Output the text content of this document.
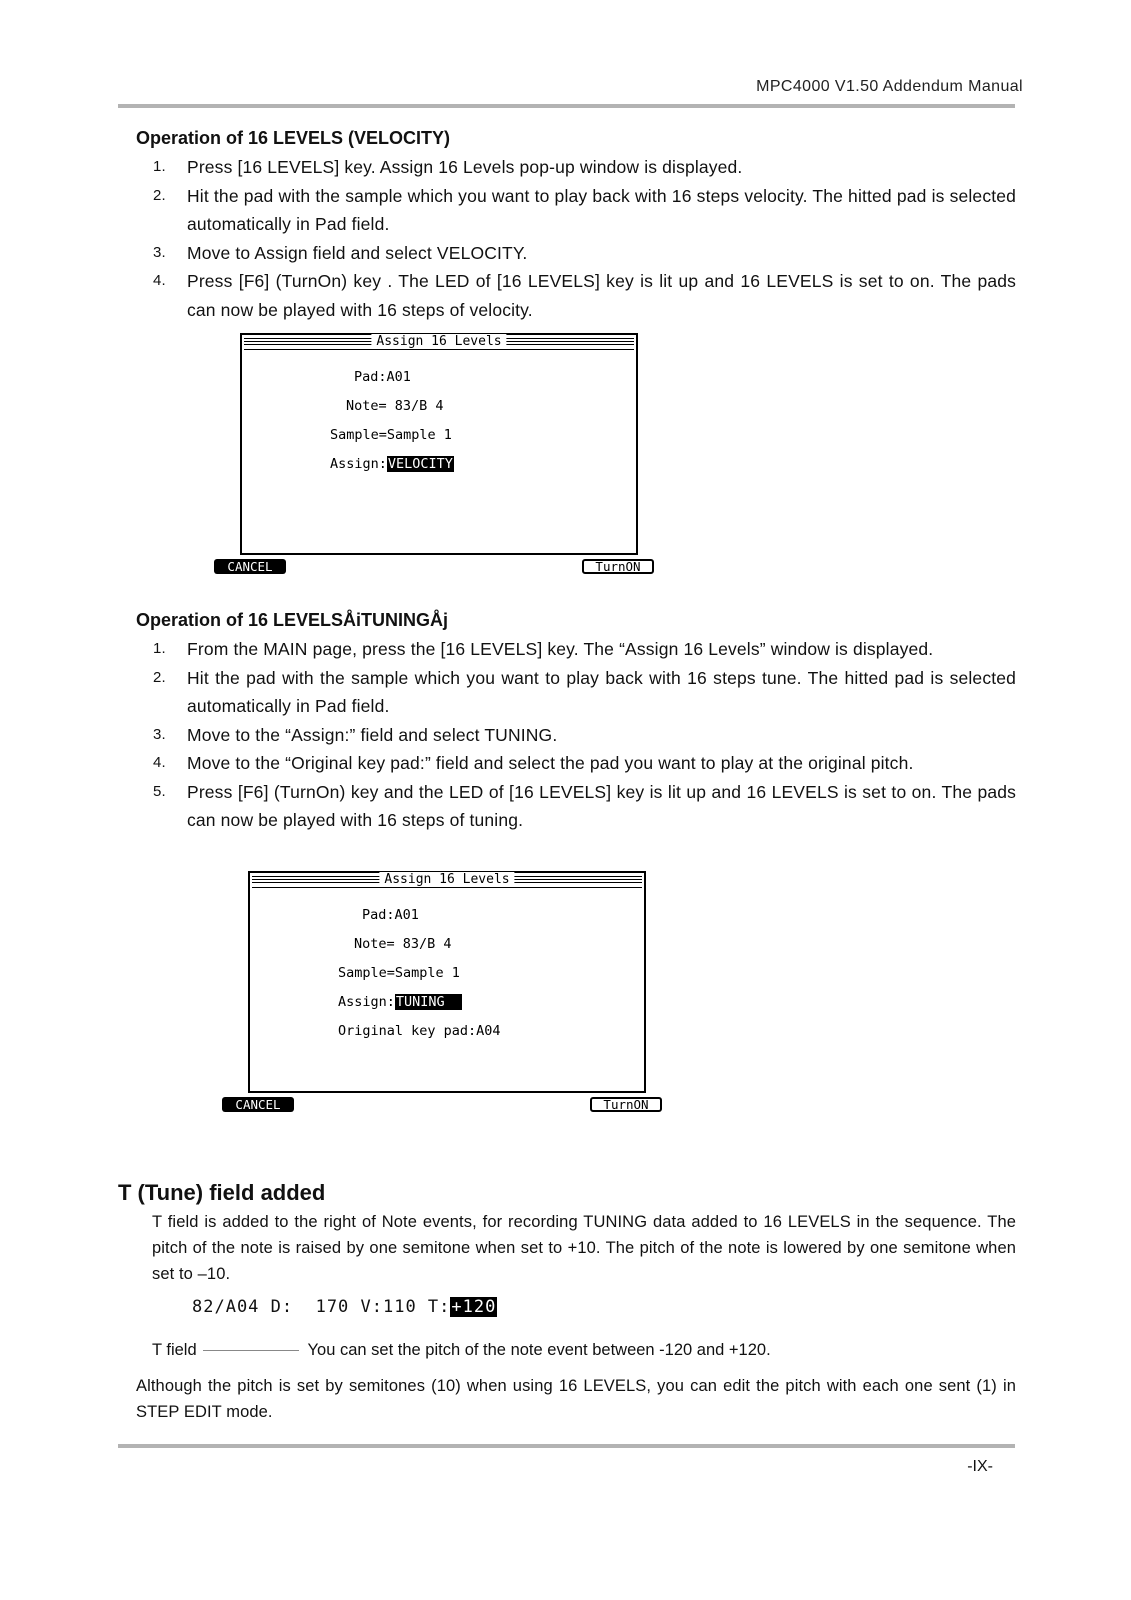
MPC4000 V1.50 Addendum Manual
Operation of 16 LEVELS (VELOCITY)
1. Press [16 LEVELS] key. Assign 16 Levels pop-up window is displayed.
2. Hit the pad with the sample which you want to play back with 16 steps velocity. The hitted pad is selected automatically in Pad field.
3. Move to Assign field and select VELOCITY.
4. Press [F6] (TurnOn) key . The LED of [16 LEVELS] key is lit up and 16 LEVELS is set to on. The pads can now be played with 16 steps of velocity.
Assign 16 Levels
Pad:A01
Note= 83/B 4
Sample=Sample 1
Assign:VELOCITY
CANCEL	TurnON
Operation of 16 LEVELSÅiTUNINGÅj
1. From the MAIN page, press the [16 LEVELS] key. The “Assign 16 Levels” window is displayed.
2. Hit the pad with the sample which you want to play back with 16 steps tune. The hitted pad is selected automatically in Pad field.
3. Move to the “Assign:” field and select TUNING.
4. Move to the “Original key pad:” field and select the pad you want to play at the original pitch.
5. Press [F6] (TurnOn) key and the LED of [16 LEVELS] key is lit up and 16 LEVELS is set to on. The pads can now be played with 16 steps of tuning.
Assign 16 Levels
Pad:A01
Note= 83/B 4
Sample=Sample 1
Assign:TUNING
Original key pad:A04
CANCEL	TurnON
T (Tune) field added
T field is added to the right of Note events, for recording TUNING data added to 16 LEVELS in the sequence. The pitch of the note is raised by one semitone when set to +10. The pitch of the note is lowered by one semitone when set to –10.
82/A04 D:  170 V:110 T:+120
T field	You can set the pitch of the note event between -120 and +120.
Although the pitch is set by semitones (10) when using 16 LEVELS, you can edit the pitch with each one sent (1) in STEP EDIT mode.
-IX-
